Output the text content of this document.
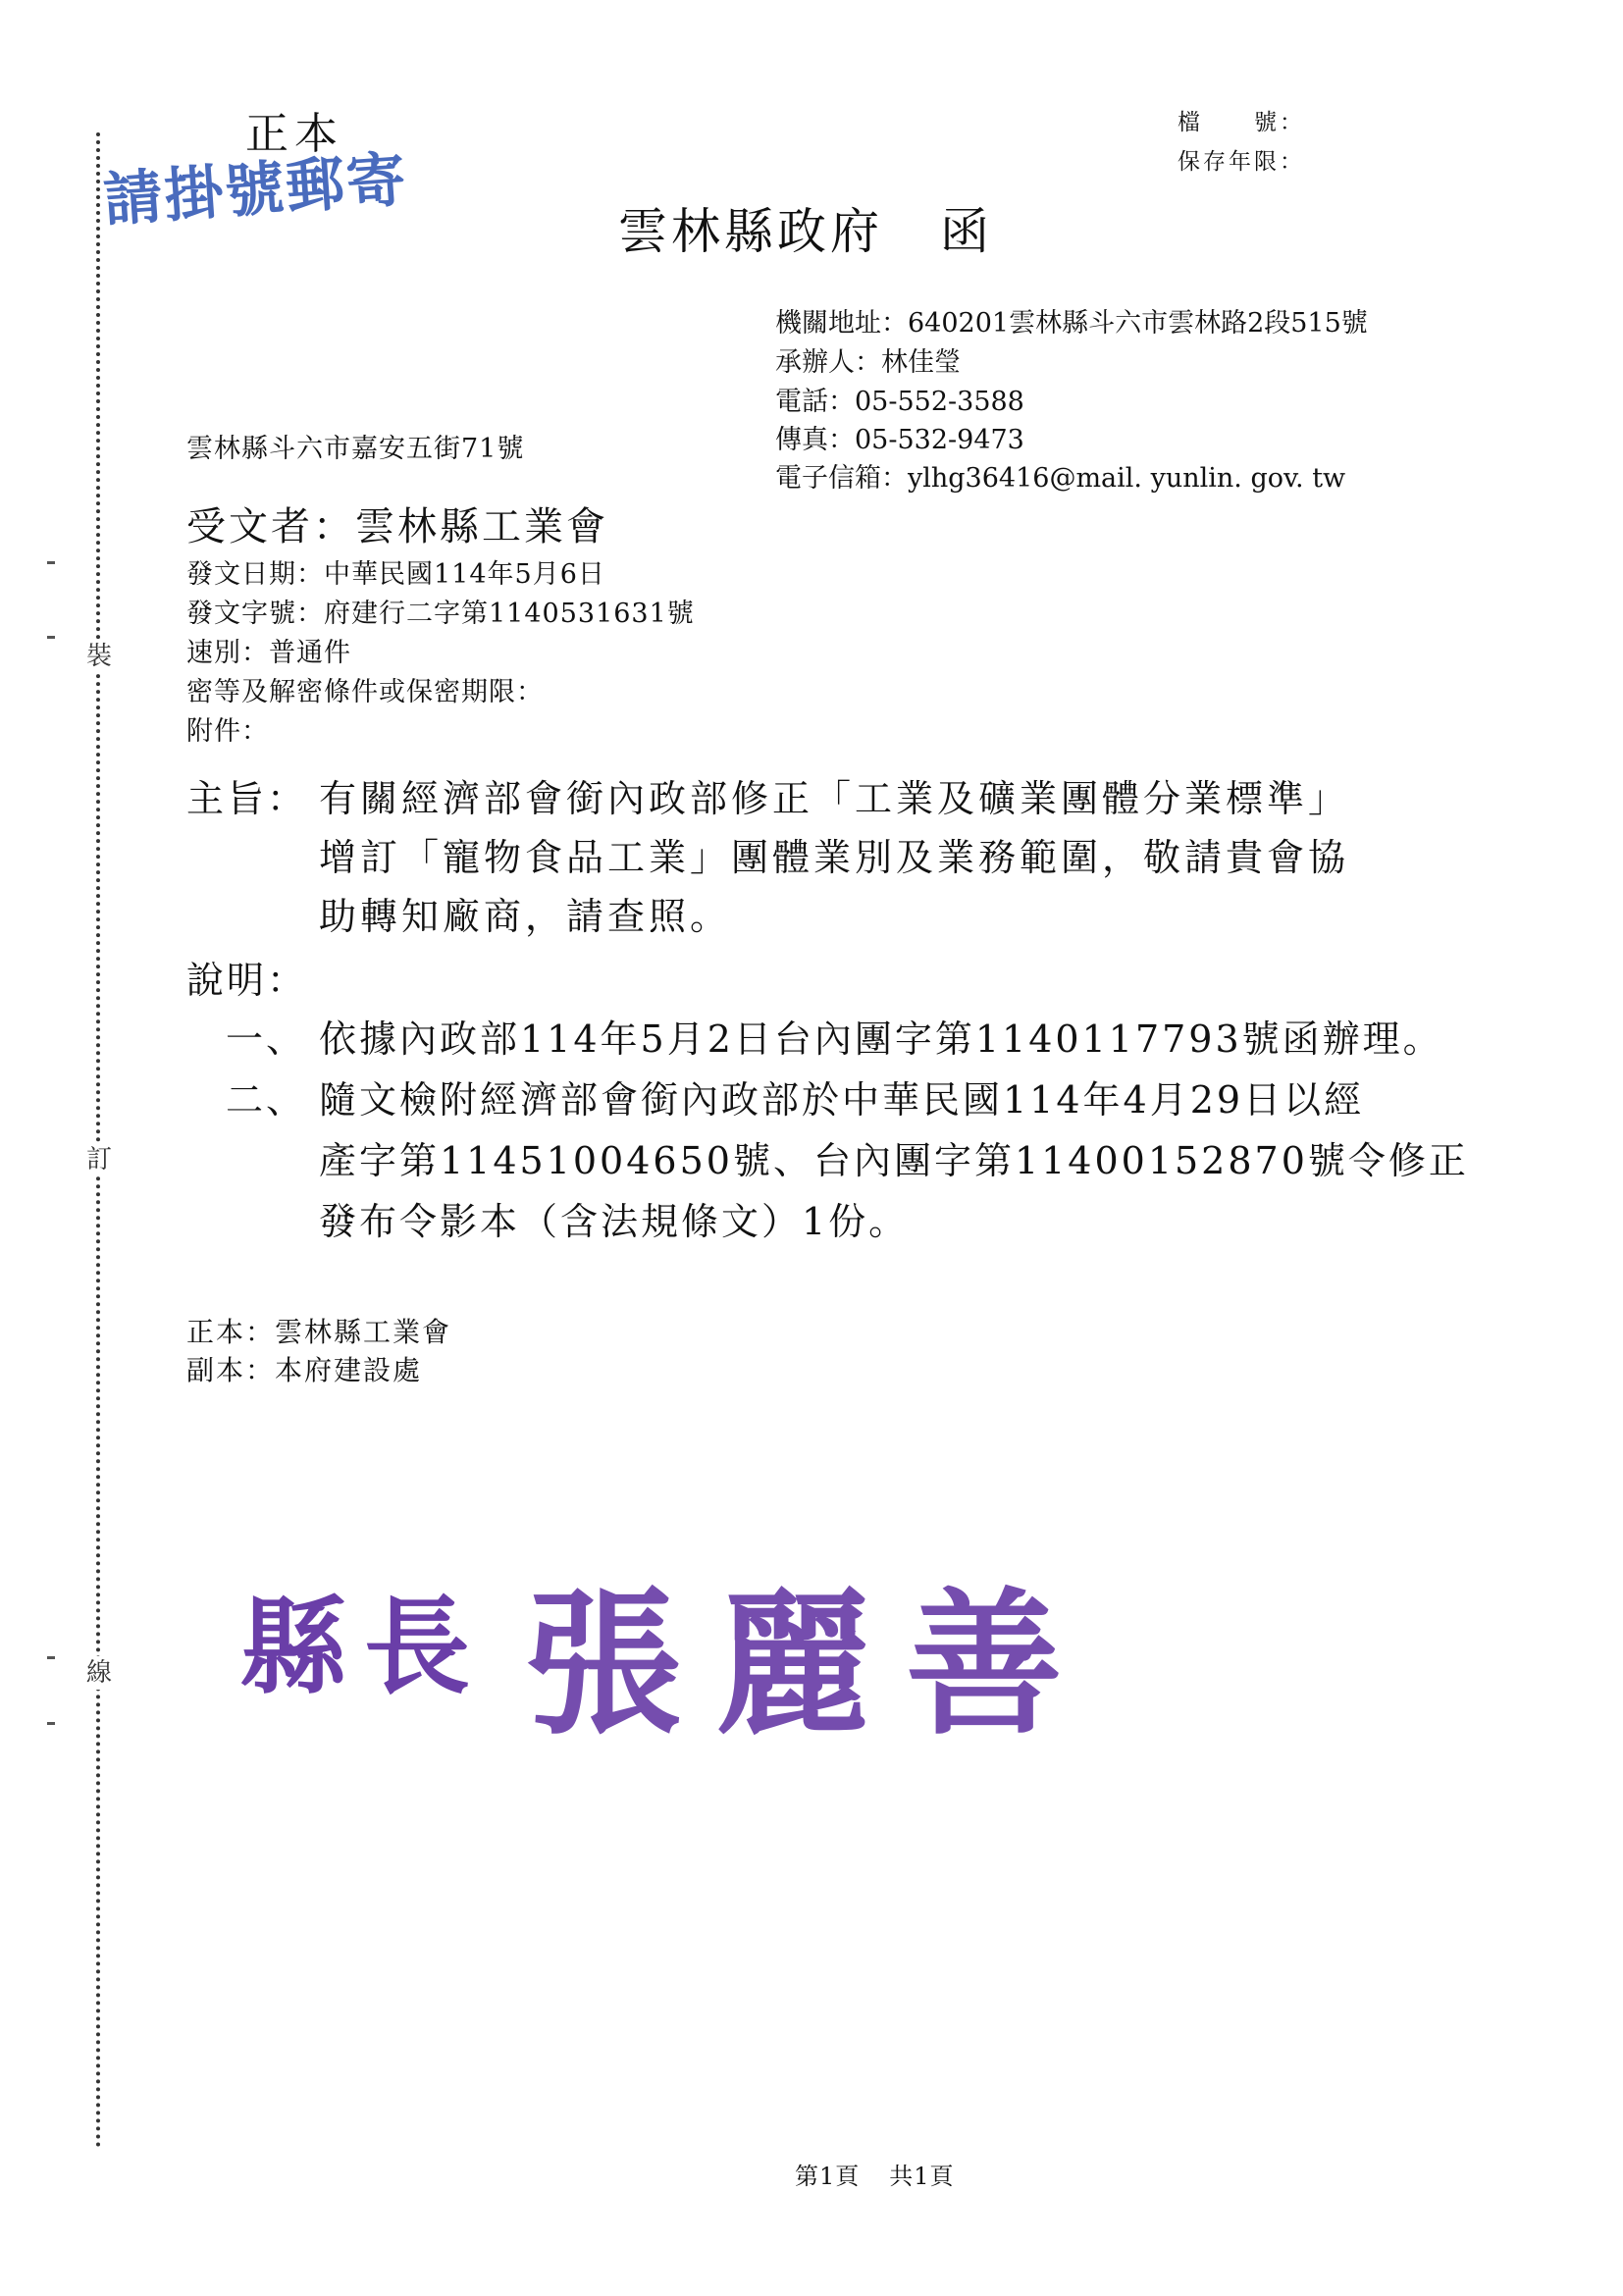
裝
訂
線
正本
請掛號郵寄
檔　　號：
保存年限：
雲林縣政府 函
機關地址：640201雲林縣斗六市雲林路2段515號
承辦人：林佳瑩
電話：05-552-3588
傳真：05-532-9473
電子信箱：ylhg36416@mail. yunlin. gov. tw
雲林縣斗六市嘉安五街71號
受文者：雲林縣工業會
發文日期：中華民國114年5月6日
發文字號：府建行二字第1140531631號
速別：普通件
密等及解密條件或保密期限：
附件：
主旨： 有關經濟部會銜內政部修正「工業及礦業團體分業標準」
增訂「寵物食品工業」團體業別及業務範圍，敬請貴會協
助轉知廠商，請查照。
說明：
一、 依據內政部114年5月2日台內團字第1140117793號函辦理。
二、 隨文檢附經濟部會銜內政部於中華民國114年4月29日以經
產字第11451004650號、台內團字第11400152870號令修正
發布令影本（含法規條文）1份。
正本：雲林縣工業會
副本：本府建設處
縣長 張麗善
第1頁 共1頁
